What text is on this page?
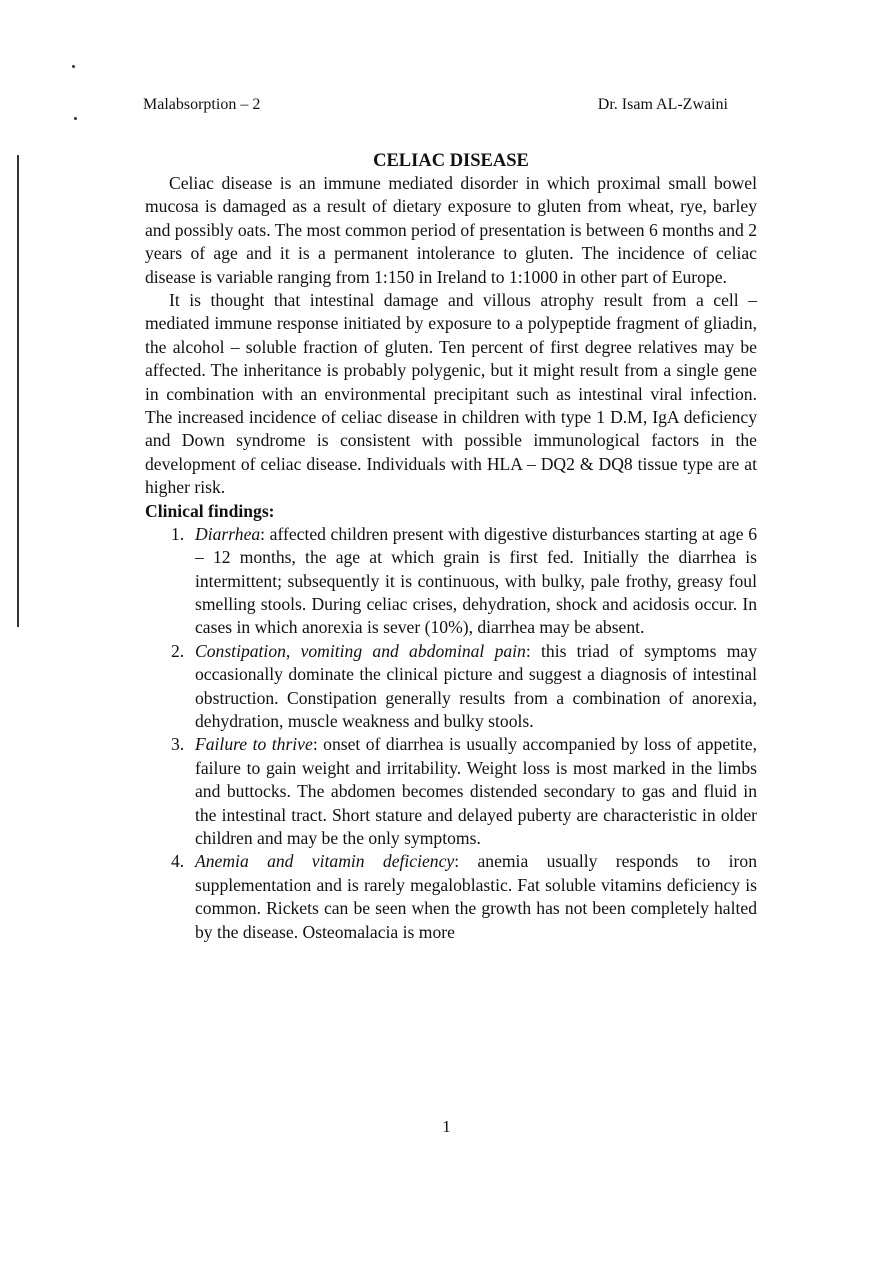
Malabsorption – 2	Dr. Isam AL-Zwaini
CELIAC DISEASE

Celiac disease is an immune mediated disorder in which proximal small bowel mucosa is damaged as a result of dietary exposure to gluten from wheat, rye, barley and possibly oats. The most common period of presentation is between 6 months and 2 years of age and it is a permanent intolerance to gluten. The incidence of celiac disease is variable ranging from 1:150 in Ireland to 1:1000 in other part of Europe.

It is thought that intestinal damage and villous atrophy result from a cell – mediated immune response initiated by exposure to a polypeptide fragment of gliadin, the alcohol – soluble fraction of gluten. Ten percent of first degree relatives may be affected. The inheritance is probably polygenic, but it might result from a single gene in combination with an environmental precipitant such as intestinal viral infection. The increased incidence of celiac disease in children with type 1 D.M, IgA deficiency and Down syndrome is consistent with possible immunological factors in the development of celiac disease. Individuals with HLA – DQ2 & DQ8 tissue type are at higher risk.

Clinical findings:
1. Diarrhea: affected children present with digestive disturbances starting at age 6 – 12 months, the age at which grain is first fed. Initially the diarrhea is intermittent; subsequently it is continuous, with bulky, pale frothy, greasy foul smelling stools. During celiac crises, dehydration, shock and acidosis occur. In cases in which anorexia is sever (10%), diarrhea may be absent.
2. Constipation, vomiting and abdominal pain: this triad of symptoms may occasionally dominate the clinical picture and suggest a diagnosis of intestinal obstruction. Constipation generally results from a combination of anorexia, dehydration, muscle weakness and bulky stools.
3. Failure to thrive: onset of diarrhea is usually accompanied by loss of appetite, failure to gain weight and irritability. Weight loss is most marked in the limbs and buttocks. The abdomen becomes distended secondary to gas and fluid in the intestinal tract. Short stature and delayed puberty are characteristic in older children and may be the only symptoms.
4. Anemia and vitamin deficiency: anemia usually responds to iron supplementation and is rarely megaloblastic. Fat soluble vitamins deficiency is common. Rickets can be seen when the growth has not been completely halted by the disease. Osteomalacia is more
1
